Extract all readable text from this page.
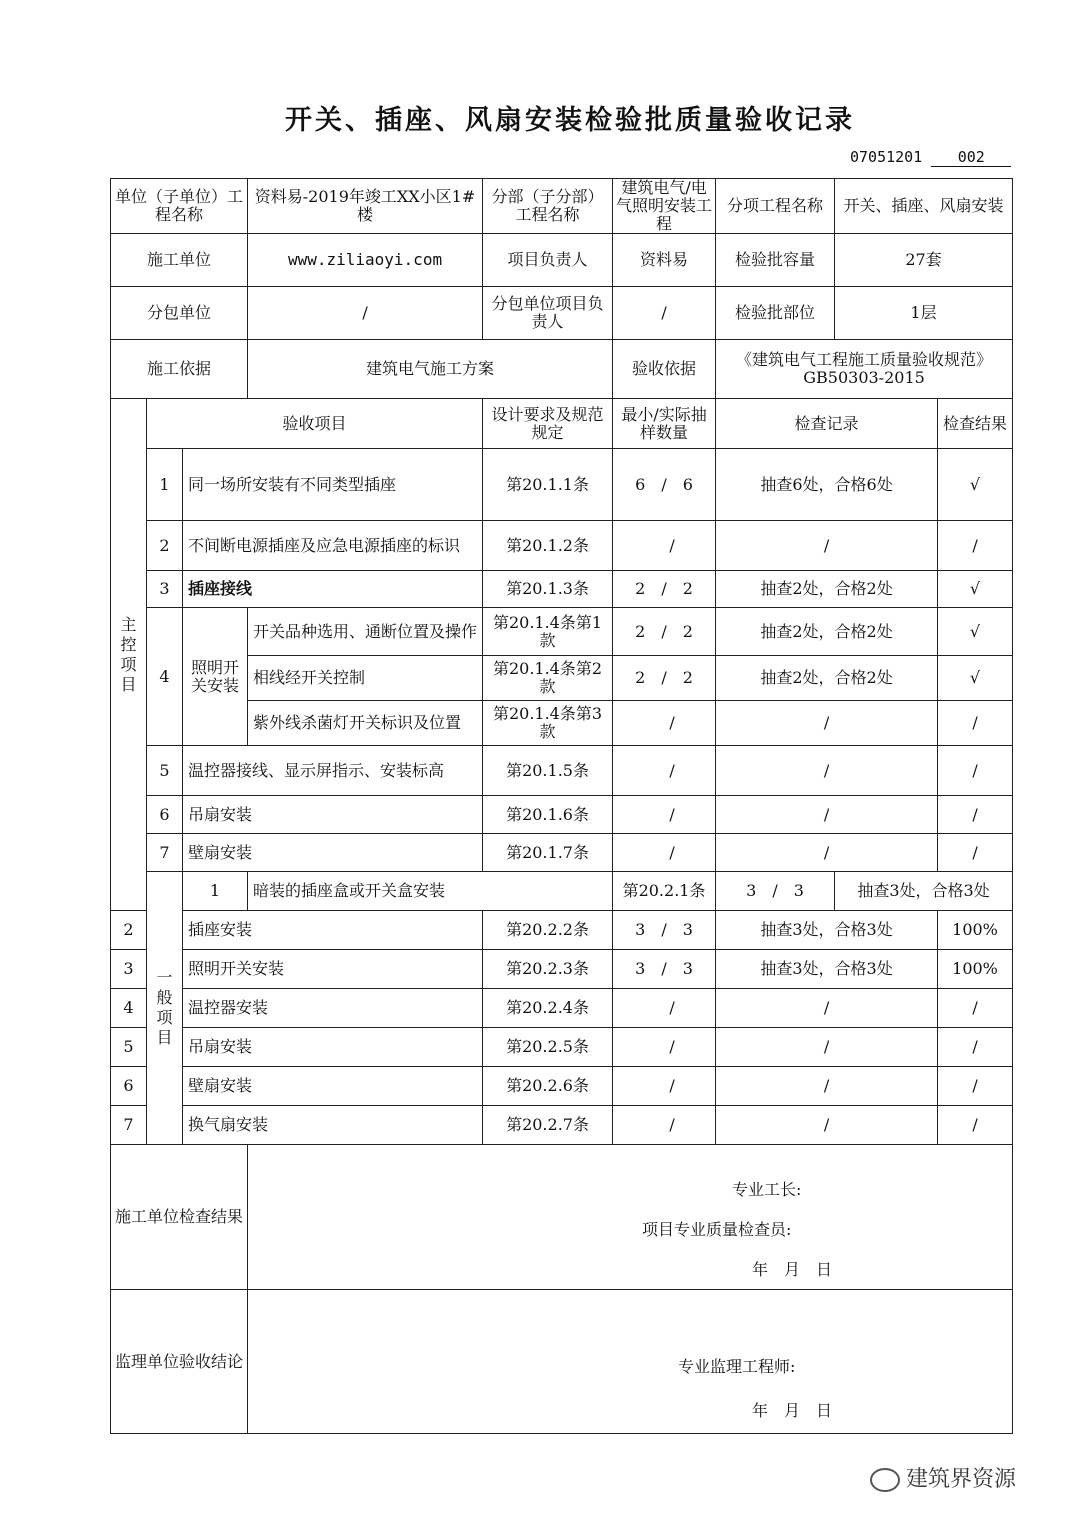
开关、插座、风扇安装检验批质量验收记录
07051201 002
单位（子单位）工程名称			资料易-2019年竣工XX小区1#楼	分部（子分部）工程名称	建筑电气/电气照明安装工程	分项工程名称	开关、插座、风扇安装		
施工单位			www.ziliaoyi.com	项目负责人	资料易	检验批容量	27套		
分包单位			/	分包单位项目负责人	/	检验批部位	1层		
施工依据			建筑电气施工方案		验收依据	《建筑电气工程施工质量验收规范》GB50303-2015			

主控项目	验收项目			设计要求及规范规定	最小/实际抽样数量	检查记录		检查结果	
	1	同一场所安装有不同类型插座		第20.1.1条	6　 /　 6	抽查6处，合格6处		√	
	2	不间断电源插座及应急电源插座的标识		第20.1.2条	　/　	/		/	
	3	插座接线		第20.1.3条	2　 /　 2	抽查2处，合格2处		√	
	4	照明开关安装	开关品种选用、通断位置及操作	第20.1.4条第1款	2　 /　 2	抽查2处，合格2处		√	
			相线经开关控制	第20.1.4条第2款	2　 /　 2	抽查2处，合格2处		√	
			紫外线杀菌灯开关标识及位置	第20.1.4条第3款	　/　	/		/	
	5	温控器接线、显示屏指示、安装标高		第20.1.5条	　/　	/		/	
	6	吊扇安装		第20.1.6条	　/　	/		/	
	7	壁扇安装		第20.1.7条	　/　	/		/	

	一般项目	1	暗装的插座盒或开关盒安装		第20.2.1条	3　 /　 3	抽查3处，合格3处	
2		插座安装		第20.2.2条	3　 /　 3	抽查3处，合格3处		100%	
3		照明开关安装		第20.2.3条	3　 /　 3	抽查3处，合格3处		100%	
4		温控器安装		第20.2.4条	　/　	/		/	
5		吊扇安装		第20.2.5条	　/　	/		/	
6		壁扇安装		第20.2.6条	　/　	/		/	
7		换气扇安装		第20.2.7条	　/　	/		/	
施工单位检查结果			专业工长:
项目专业质量检查员:
年　月　日						

监理单位验收结论			专业监理工程师:
年　月　日						
建筑界资源
